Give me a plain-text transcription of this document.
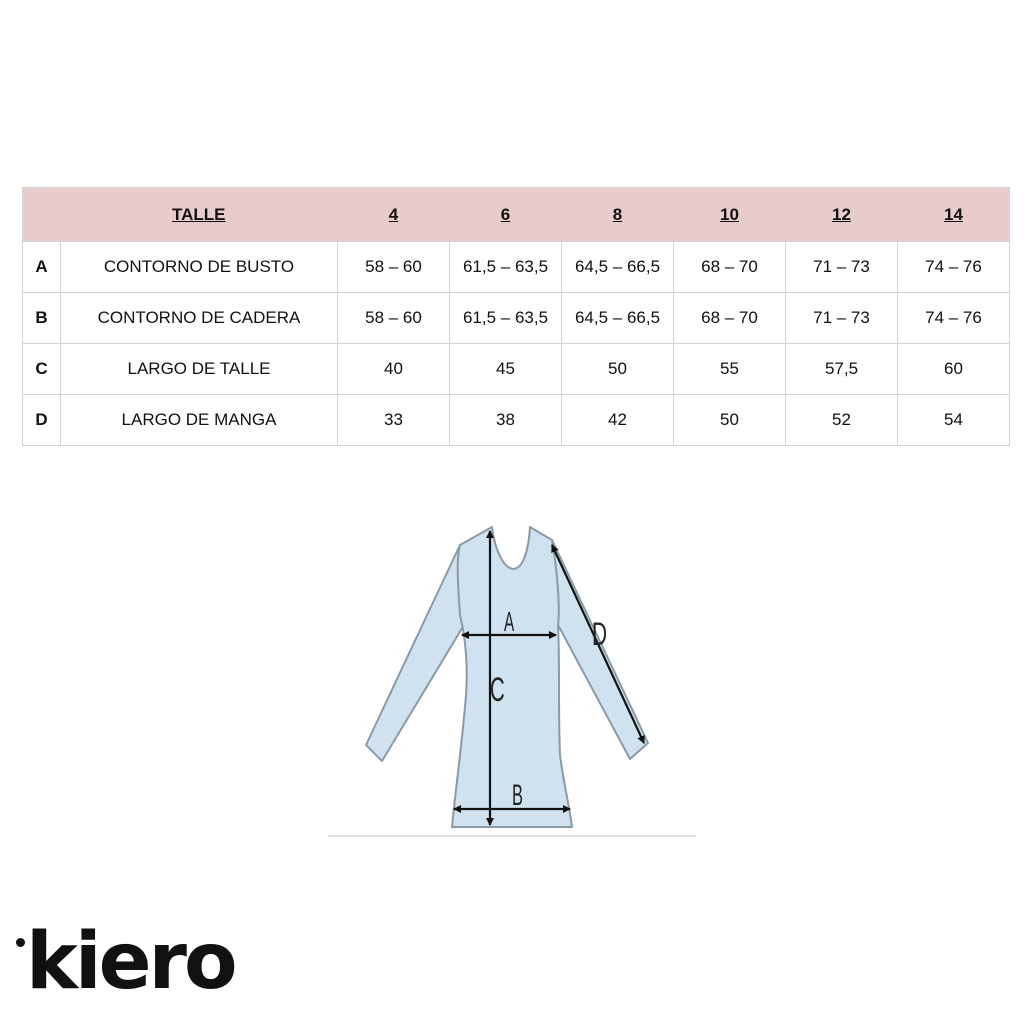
	TALLE	4	6	8	10	12	14
A	CONTORNO DE BUSTO	58 – 60	61,5 – 63,5	64,5 – 66,5	68 – 70	71 – 73	74 – 76
B	CONTORNO DE CADERA	58 – 60	61,5 – 63,5	64,5 – 66,5	68 – 70	71 – 73	74 – 76
C	LARGO DE TALLE	40	45	50	55	57,5	60
D	LARGO DE MANGA	33	38	42	50	52	54
A
C
B
D
kiero
